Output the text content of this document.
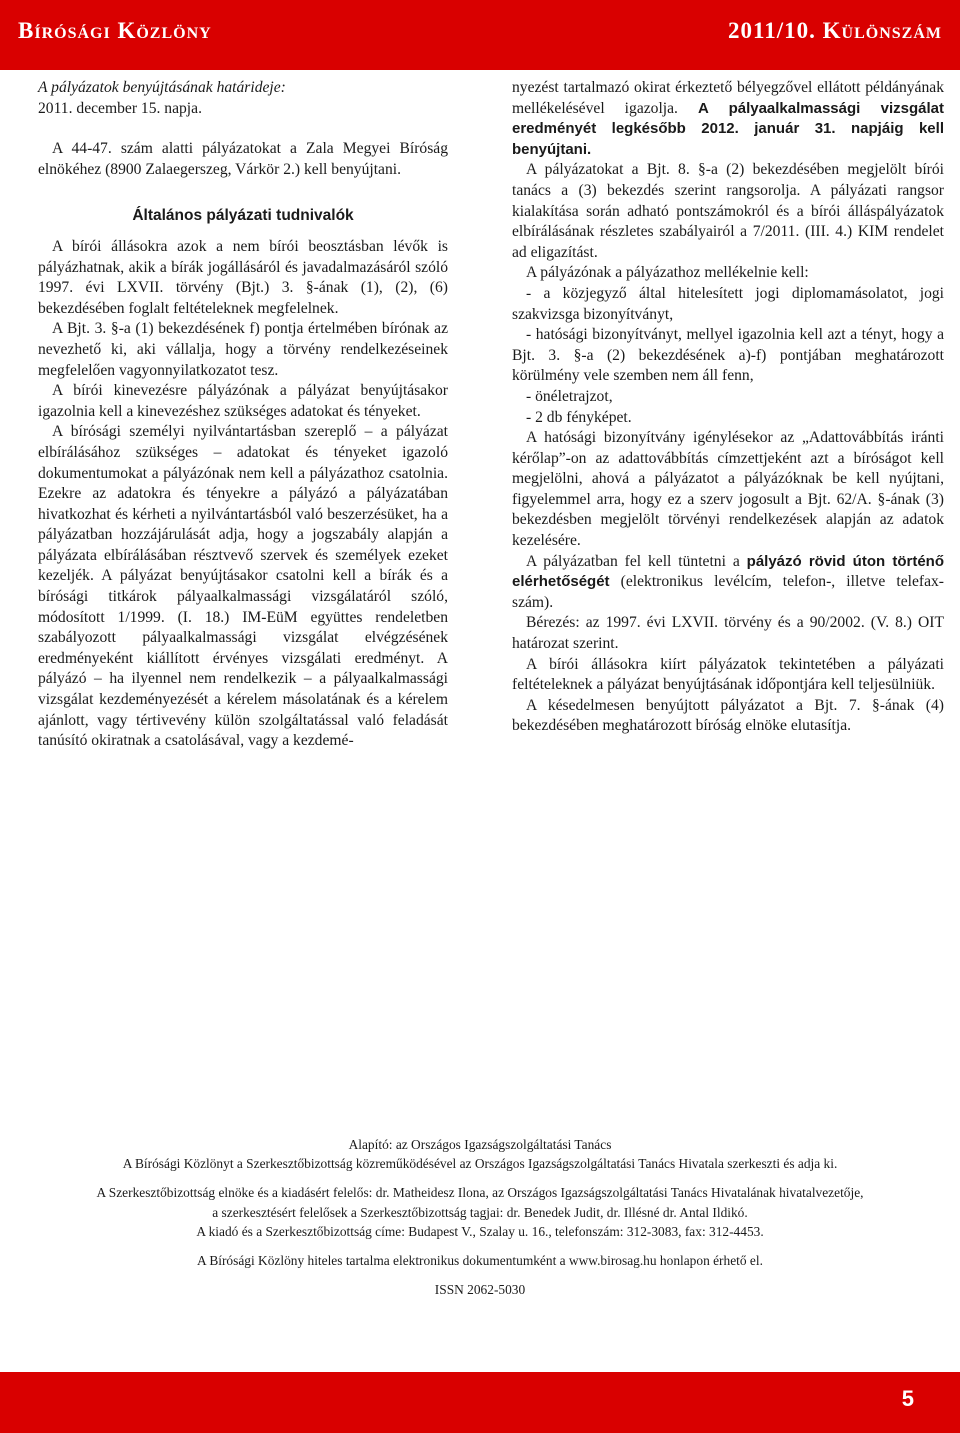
Bírósági Közlöny	2011/10. Különszám

A pályázatok benyújtásának határideje:

2011. december 15. napja.

A 44-47. szám alatti pályázatokat a Zala Megyei Bíróság elnökéhez (8900 Zalaegerszeg, Várkör 2.) kell benyújtani.

Általános pályázati tudnivalók

A bírói állásokra azok a nem bírói beosztásban lévők is pályázhatnak, akik a bírák jogállásáról és javadalmazásáról szóló 1997. évi LXVII. törvény (Bjt.) 3. §-ának (1), (2), (6) bekezdésében foglalt feltételeknek megfelelnek.

A Bjt. 3. §-a (1) bekezdésének f) pontja értelmében bírónak az nevezhető ki, aki vállalja, hogy a törvény rendelkezéseinek megfelelően vagyonnyilatkozatot tesz.

A bírói kinevezésre pályázónak a pályázat benyújtásakor igazolnia kell a kinevezéshez szükséges adatokat és tényeket.

A bírósági személyi nyilvántartásban szereplő – a pályázat elbírálásához szükséges – adatokat és tényeket igazoló dokumentumokat a pályázónak nem kell a pályázathoz csatolnia. Ezekre az adatokra és tényekre a pályázó a pályázatában hivatkozhat és kérheti a nyilvántartásból való beszerzésüket, ha a pályázatban hozzájárulását adja, hogy a jogszabály alapján a pályázata elbírálásában résztvevő szervek és személyek ezeket kezeljék. A pályázat benyújtásakor csatolni kell a bírák és a bírósági titkárok pályaalkalmassági vizsgálatáról szóló, módosított 1/1999. (I. 18.) IM-EüM együttes rendeletben szabályozott pályaalkalmassági vizsgálat elvégzésének eredményeként kiállított érvényes vizsgálati eredményt. A pályázó – ha ilyennel nem rendelkezik – a pályaalkalmassági vizsgálat kezdeményezését a kérelem másolatának és a kérelem ajánlott, vagy tértivevény külön szolgáltatással való feladását tanúsító okiratnak a csatolásával, vagy a kezdemé-

nyezést tartalmazó okirat érkeztető bélyegzővel ellátott példányának mellékelésével igazolja. A pályaalkalmassági vizsgálat eredményét legkésőbb 2012. január 31. napjáig kell benyújtani.

A pályázatokat a Bjt. 8. §-a (2) bekezdésében megjelölt bírói tanács a (3) bekezdés szerint rangsorolja. A pályázati rangsor kialakítása során adható pontszámokról és a bírói álláspályázatok elbírálásának részletes szabályairól a 7/2011. (III. 4.) KIM rendelet ad eligazítást.

A pályázónak a pályázathoz mellékelnie kell:

- a közjegyző által hitelesített jogi diplomamásolatot, jogi szakvizsga bizonyítványt,

- hatósági bizonyítványt, mellyel igazolnia kell azt a tényt, hogy a Bjt. 3. §-a (2) bekezdésének a)-f) pontjában meghatározott körülmény vele szemben nem áll fenn,

- önéletrajzot,

- 2 db fényképet.

A hatósági bizonyítvány igénylésekor az „Adattovábbítás iránti kérőlap”-on az adattovábbítás címzettjeként azt a bíróságot kell megjelölni, ahová a pályázatot a pályázóknak be kell nyújtani, figyelemmel arra, hogy ez a szerv jogosult a Bjt. 62/A. §-ának (3) bekezdésben megjelölt törvényi rendelkezések alapján az adatok kezelésére.

A pályázatban fel kell tüntetni a pályázó rövid úton történő elérhetőségét (elektronikus levélcím, telefon-, illetve telefax-szám).

Bérezés: az 1997. évi LXVII. törvény és a 90/2002. (V. 8.) OIT határozat szerint.

A bírói állásokra kiírt pályázatok tekintetében a pályázati feltételeknek a pályázat benyújtásának időpontjára kell teljesülniük.

A késedelmesen benyújtott pályázatot a Bjt. 7. §-ának (4) bekezdésében meghatározott bíróság elnöke elutasítja.

Alapító: az Országos Igazságszolgáltatási Tanács

A Bírósági Közlönyt a Szerkesztőbizottság közreműködésével az Országos Igazságszolgáltatási Tanács Hivatala szerkeszti és adja ki.

A Szerkesztőbizottság elnöke és a kiadásért felelős: dr. Matheidesz Ilona, az Országos Igazságszolgáltatási Tanács Hivatalának hivatalvezetője,

a szerkesztésért felelősek a Szerkesztőbizottság tagjai: dr. Benedek Judit, dr. Illésné dr. Antal Ildikó.

A kiadó és a Szerkesztőbizottság címe: Budapest V., Szalay u. 16., telefonszám: 312-3083, fax: 312-4453.

A Bírósági Közlöny hiteles tartalma elektronikus dokumentumként a www.birosag.hu honlapon érhető el.

ISSN 2062-5030

5
